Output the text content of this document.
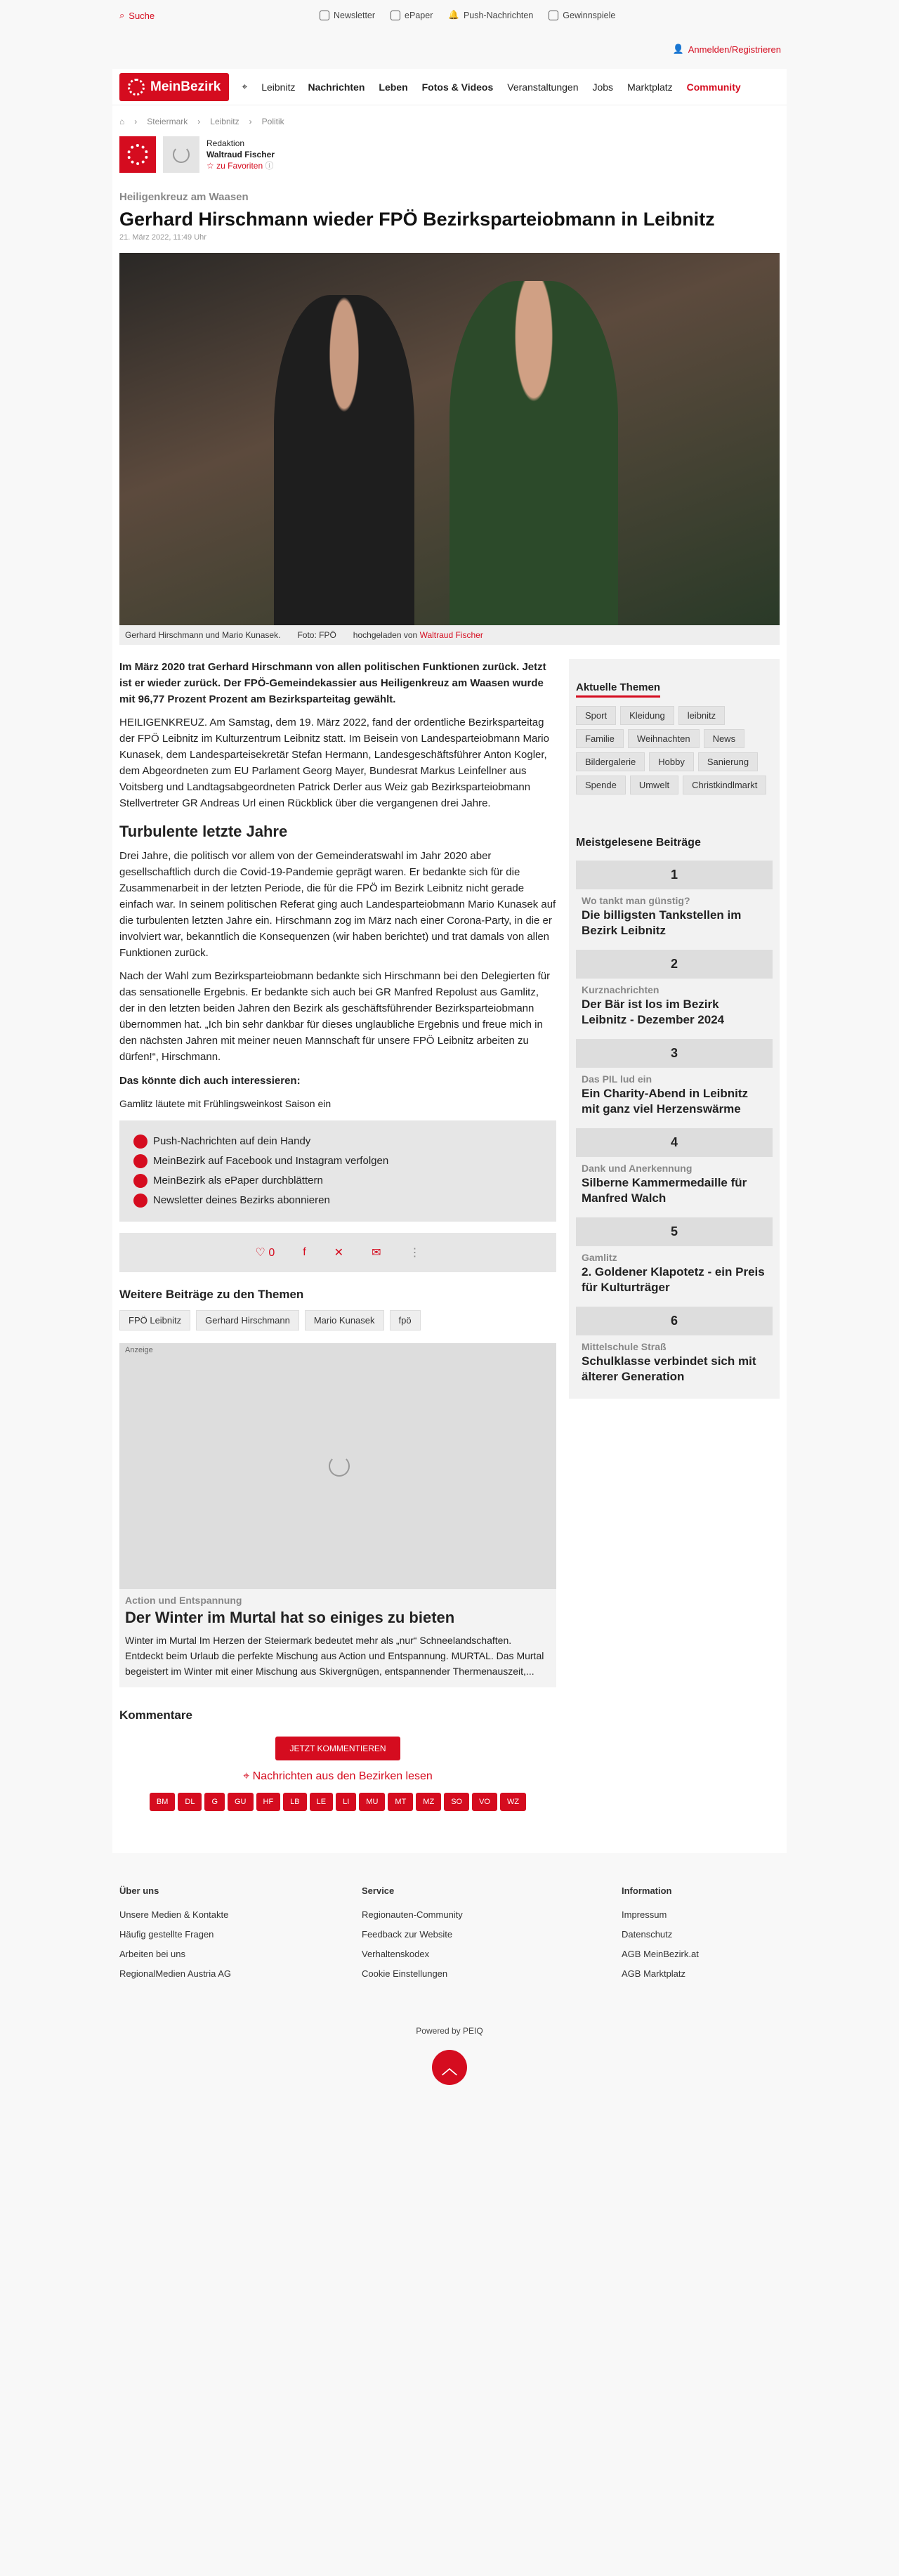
⌕ Suche	Newsletter	ePaper 🔔 Push-Nachrichten	Gewinnspiele
👤 Anmelden/Registrieren
MeinBezirk ⌖ Leibnitz Nachrichten Leben Fotos & Videos Veranstaltungen Jobs Marktplatz Community
⌂ › Steiermark › Leibnitz › Politik
Redaktion
Waltraud Fischer
☆ zu Favoriten ⓘ
Heiligenkreuz am Waasen
Gerhard Hirschmann wieder FPÖ Bezirksparteiobmann in Leibnitz
21. März 2022, 11:49 Uhr
Gerhard Hirschmann und Mario Kunasek. Foto: FPÖ hochgeladen von Waltraud Fischer

Im März 2020 trat Gerhard Hirschmann von allen politischen Funktionen zurück. Jetzt ist er wieder zurück. Der FPÖ-Gemeindekassier aus Heiligenkreuz am Waasen wurde mit 96,77 Prozent Prozent am Bezirksparteitag gewählt.

HEILIGENKREUZ. Am Samstag, dem 19. März 2022, fand der ordentliche Bezirksparteitag der FPÖ Leibnitz im Kulturzentrum Leibnitz statt. Im Beisein von Landesparteiobmann Mario Kunasek, dem Landesparteisekretär Stefan Hermann, Landesgeschäftsführer Anton Kogler, dem Abgeordneten zum EU Parlament Georg Mayer, Bundesrat Markus Leinfellner aus Voitsberg und Landtagsabgeordneten Patrick Derler aus Weiz gab Bezirksparteiobmann Stellvertreter GR Andreas Url einen Rückblick über die vergangenen drei Jahre.

Turbulente letzte Jahre

Drei Jahre, die politisch vor allem von der Gemeinderatswahl im Jahr 2020 aber gesellschaftlich durch die Covid-19-Pandemie geprägt waren. Er bedankte sich für die Zusammenarbeit in der letzten Periode, die für die FPÖ im Bezirk Leibnitz nicht gerade einfach war. In seinem politischen Referat ging auch Landesparteiobmann Mario Kunasek auf die turbulenten letzten Jahre ein. Hirschmann zog im März nach einer Corona-Party, in die er involviert war, bekanntlich die Konsequenzen (wir haben berichtet) und trat damals von allen Funktionen zurück.

Nach der Wahl zum Bezirksparteiobmann bedankte sich Hirschmann bei den Delegierten für das sensationelle Ergebnis. Er bedankte sich auch bei GR Manfred Repolust aus Gamlitz, der in den letzten beiden Jahren den Bezirk als geschäftsführender Bezirksparteiobmann übernommen hat. „Ich bin sehr dankbar für dieses unglaubliche Ergebnis und freue mich in den nächsten Jahren mit meiner neuen Mannschaft für unsere FPÖ Leibnitz arbeiten zu dürfen!“, Hirschmann.

Das könnte dich auch interessieren:

Gamlitz läutete mit Frühlingsweinkost Saison ein

Push-Nachrichten auf dein Handy
MeinBezirk auf Facebook und Instagram verfolgen
MeinBezirk als ePaper durchblättern
Newsletter deines Bezirks abonnieren
♡ 0	f	✕	✉	⋮
Weitere Beiträge zu den Themen
FPÖ Leibnitz	Gerhard Hirschmann	Mario Kunasek	fpö
Anzeige
Action und Entspannung
Der Winter im Murtal hat so einiges zu bieten
Winter im Murtal Im Herzen der Steiermark bedeutet mehr als „nur“ Schneelandschaften. Entdeckt beim Urlaub die perfekte Mischung aus Action und Entspannung. MURTAL. Das Murtal begeistert im Winter mit einer Mischung aus Skivergnügen, entspannender Thermenauszeit,...
Kommentare
JETZT KOMMENTIEREN
⌖ Nachrichten aus den Bezirken lesen
BM	DL	G	GU	HF	LB	LE	LI	MU	MT	MZ	SO	VO	WZ
Aktuelle Themen
Sport	Kleidung	leibnitz
Familie	Weihnachten	News
Bildergalerie	Hobby	Sanierung
Spende	Umwelt	Christkindlmarkt
Meistgelesene Beiträge
1
Wo tankt man günstig?
Die billigsten Tankstellen im Bezirk Leibnitz
2
Kurznachrichten
Der Bär ist los im Bezirk Leibnitz - Dezember 2024
3
Das PIL lud ein
Ein Charity-Abend in Leibnitz mit ganz viel Herzenswärme
4
Dank und Anerkennung
Silberne Kammermedaille für Manfred Walch
5
Gamlitz
2. Goldener Klapotetz - ein Preis für Kulturträger
6
Mittelschule Straß
Schulklasse verbindet sich mit älterer Generation
Über uns
Unsere Medien & Kontakte
Häufig gestellte Fragen
Arbeiten bei uns
RegionalMedien Austria AG
Service
Regionauten-Community
Feedback zur Website
Verhaltenskodex
Cookie Einstellungen
Information
Impressum
Datenschutz
AGB MeinBezirk.at
AGB Marktplatz
Powered by PEIQ
︿
